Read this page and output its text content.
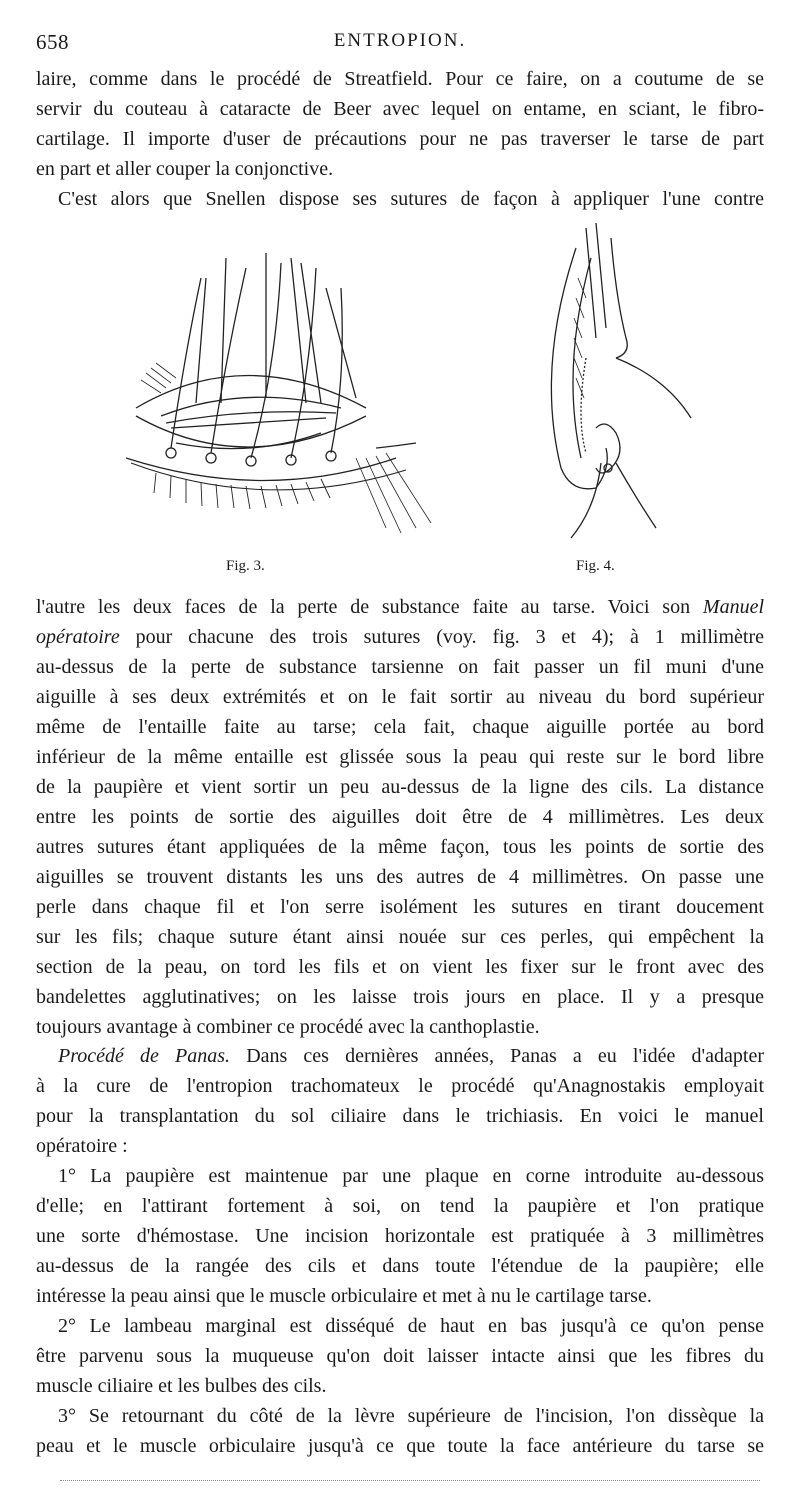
658	ENTROPION.
laire, comme dans le procédé de Streatfield. Pour ce faire, on a coutume de se
servir du couteau à cataracte de Beer avec lequel on entame, en sciant, le fibro-
cartilage. Il importe d'user de précautions pour ne pas traverser le tarse de part
en part et aller couper la conjonctive.
C'est alors que Snellen dispose ses sutures de façon à appliquer l'une contre
Fig. 3.	Fig. 4.
l'autre les deux faces de la perte de substance faite au tarse. Voici son Manuel
opératoire pour chacune des trois sutures (voy. fig. 3 et 4); à 1 millimètre
au-dessus de la perte de substance tarsienne on fait passer un fil muni d'une
aiguille à ses deux extrémités et on le fait sortir au niveau du bord supérieur
même de l'entaille faite au tarse; cela fait, chaque aiguille portée au bord
inférieur de la même entaille est glissée sous la peau qui reste sur le bord libre
de la paupière et vient sortir un peu au-dessus de la ligne des cils. La distance
entre les points de sortie des aiguilles doit être de 4 millimètres. Les deux
autres sutures étant appliquées de la même façon, tous les points de sortie des
aiguilles se trouvent distants les uns des autres de 4 millimètres. On passe une
perle dans chaque fil et l'on serre isolément les sutures en tirant doucement
sur les fils; chaque suture étant ainsi nouée sur ces perles, qui empêchent la
section de la peau, on tord les fils et on vient les fixer sur le front avec des
bandelettes agglutinatives; on les laisse trois jours en place. Il y a presque
toujours avantage à combiner ce procédé avec la canthoplastie.
Procédé de Panas. Dans ces dernières années, Panas a eu l'idée d'adapter
à la cure de l'entropion trachomateux le procédé qu'Anagnostakis employait
pour la transplantation du sol ciliaire dans le trichiasis. En voici le manuel
opératoire :
1° La paupière est maintenue par une plaque en corne introduite au-dessous
d'elle; en l'attirant fortement à soi, on tend la paupière et l'on pratique
une sorte d'hémostase. Une incision horizontale est pratiquée à 3 millimètres
au-dessus de la rangée des cils et dans toute l'étendue de la paupière; elle
intéresse la peau ainsi que le muscle orbiculaire et met à nu le cartilage tarse.
2° Le lambeau marginal est disséqué de haut en bas jusqu'à ce qu'on pense
être parvenu sous la muqueuse qu'on doit laisser intacte ainsi que les fibres du
muscle ciliaire et les bulbes des cils.
3° Se retournant du côté de la lèvre supérieure de l'incision, l'on dissèque la
peau et le muscle orbiculaire jusqu'à ce que toute la face antérieure du tarse se
